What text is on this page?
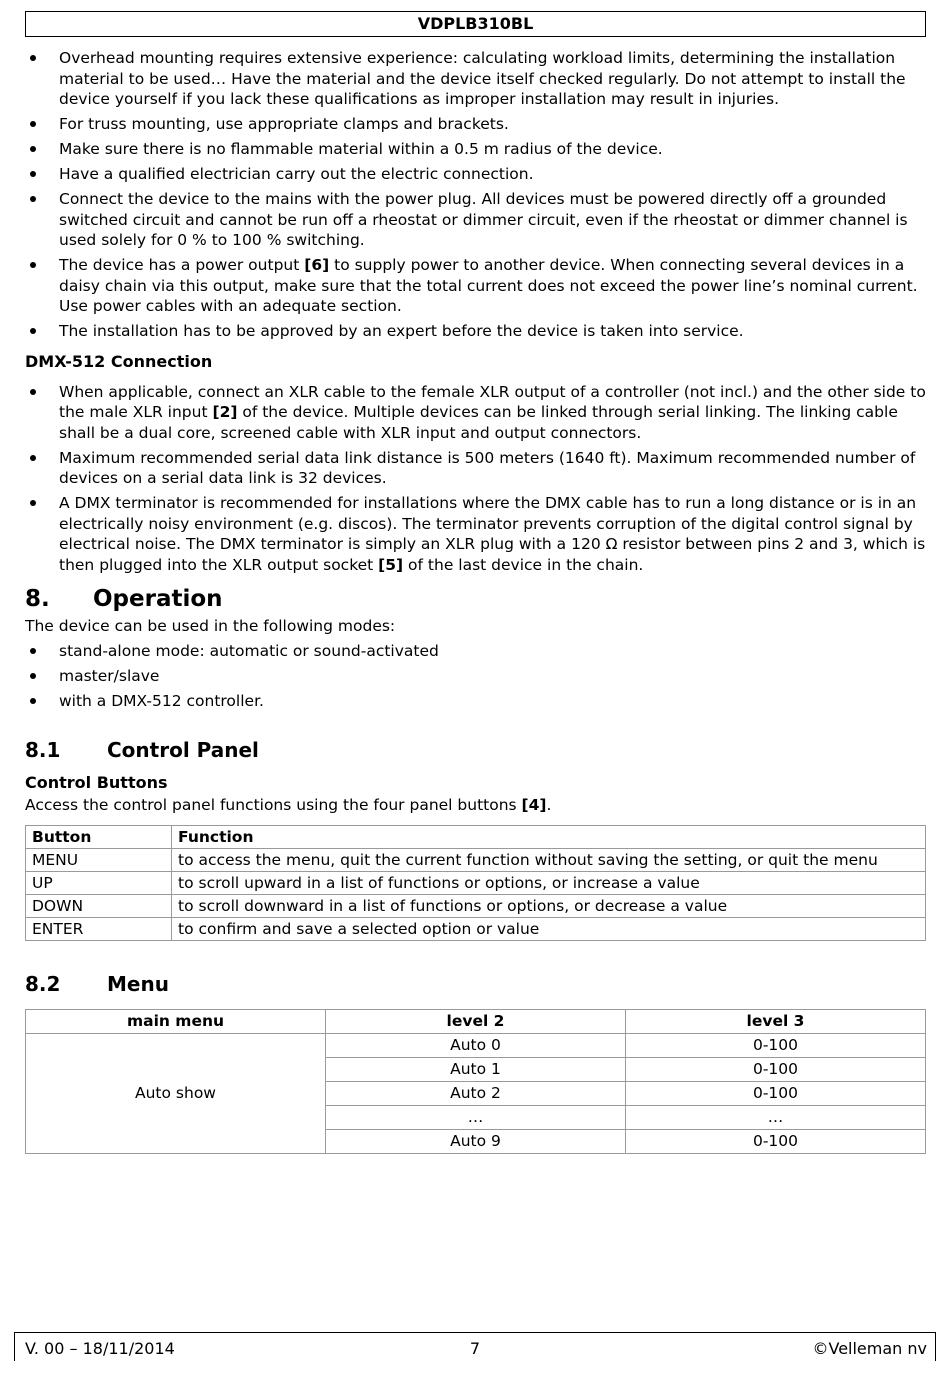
VDPLB310BL
Overhead mounting requires extensive experience: calculating workload limits, determining the installation material to be used… Have the material and the device itself checked regularly. Do not attempt to install the device yourself if you lack these qualifications as improper installation may result in injuries.
For truss mounting, use appropriate clamps and brackets.
Make sure there is no flammable material within a 0.5 m radius of the device.
Have a qualified electrician carry out the electric connection.
Connect the device to the mains with the power plug. All devices must be powered directly off a grounded switched circuit and cannot be run off a rheostat or dimmer circuit, even if the rheostat or dimmer channel is used solely for 0 % to 100 % switching.
The device has a power output [6] to supply power to another device. When connecting several devices in a daisy chain via this output, make sure that the total current does not exceed the power line’s nominal current. Use power cables with an adequate section.
The installation has to be approved by an expert before the device is taken into service.
DMX-512 Connection
When applicable, connect an XLR cable to the female XLR output of a controller (not incl.) and the other side to the male XLR input [2] of the device. Multiple devices can be linked through serial linking. The linking cable shall be a dual core, screened cable with XLR input and output connectors.
Maximum recommended serial data link distance is 500 meters (1640 ft). Maximum recommended number of devices on a serial data link is 32 devices.
A DMX terminator is recommended for installations where the DMX cable has to run a long distance or is in an electrically noisy environment (e.g. discos). The terminator prevents corruption of the digital control signal by electrical noise. The DMX terminator is simply an XLR plug with a 120 Ω resistor between pins 2 and 3, which is then plugged into the XLR output socket [5] of the last device in the chain.
8. Operation
The device can be used in the following modes:
stand-alone mode: automatic or sound-activated
master/slave
with a DMX-512 controller.
8.1 Control Panel
Control Buttons
Access the control panel functions using the four panel buttons [4].
Button	Function
MENU	to access the menu, quit the current function without saving the setting, or quit the menu
UP	to scroll upward in a list of functions or options, or increase a value
DOWN	to scroll downward in a list of functions or options, or decrease a value
ENTER	to confirm and save a selected option or value
8.2 Menu
main menu	level 2	level 3
Auto show	Auto 0	0-100
	Auto 1	0-100
	Auto 2	0-100
	…	…
	Auto 9	0-100
V. 00 – 18/11/2014	7	©Velleman nv
